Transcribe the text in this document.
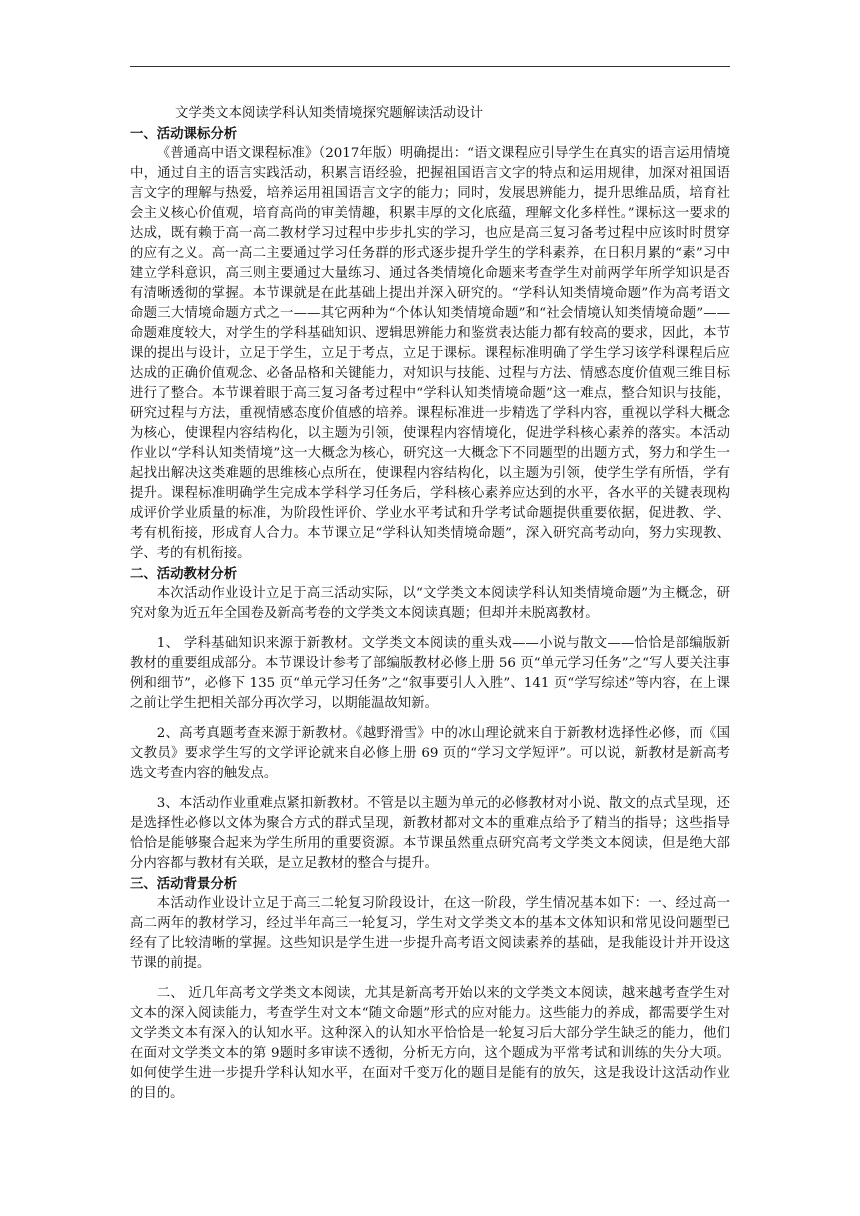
文学类文本阅读学科认知类情境探究题解读活动设计
一、活动课标分析

《普通高中语文课程标准》（2017年版）明确提出：“语文课程应引导学生在真实的语言运用情境中，通过自主的语言实践活动，积累言语经验，把握祖国语言文字的特点和运用规律，加深对祖国语言文字的理解与热爱，培养运用祖国语言文字的能力；同时，发展思辨能力，提升思维品质，培育社会主义核心价值观，培育高尚的审美情趣，积累丰厚的文化底蕴，理解文化多样性。”课标这一要求的达成，既有赖于高一高二教材学习过程中步步扎实的学习，也应是高三复习备考过程中应该时时贯穿的应有之义。高一高二主要通过学习任务群的形式逐步提升学生的学科素养，在日积月累的“素”习中建立学科意识，高三则主要通过大量练习、通过各类情境化命题来考查学生对前两学年所学知识是否有清晰透彻的掌握。本节课就是在此基础上提出并深入研究的。“学科认知类情境命题”作为高考语文命题三大情境命题方式之一——其它两种为“个体认知类情境命题”和“社会情境认知类情境命题”——命题难度较大，对学生的学科基础知识、逻辑思辨能力和鉴赏表达能力都有较高的要求，因此，本节课的提出与设计，立足于学生，立足于考点，立足于课标。课程标准明确了学生学习该学科课程后应达成的正确价值观念、必备品格和关键能力，对知识与技能、过程与方法、情感态度价值观三维目标进行了整合。本节课着眼于高三复习备考过程中“学科认知类情境命题”这一难点，整合知识与技能，研究过程与方法，重视情感态度价值感的培养。课程标准进一步精选了学科内容，重视以学科大概念为核心，使课程内容结构化，以主题为引领，使课程内容情境化，促进学科核心素养的落实。本活动作业以“学科认知类情境”这一大概念为核心，研究这一大概念下不同题型的出题方式，努力和学生一起找出解决这类难题的思维核心点所在，使课程内容结构化，以主题为引领，使学生学有所悟，学有提升。课程标准明确学生完成本学科学习任务后，学科核心素养应达到的水平，各水平的关键表现构成评价学业质量的标准，为阶段性评价、学业水平考试和升学考试命题提供重要依据，促进教、学、考有机衔接，形成育人合力。本节课立足“学科认知类情境命题”，深入研究高考动向，努力实现教、学、考的有机衔接。

二、活动教材分析

本次活动作业设计立足于高三活动实际，以“文学类文本阅读学科认知类情境命题”为主概念，研究对象为近五年全国卷及新高考卷的文学类文本阅读真题；但却并未脱离教材。

1、 学科基础知识来源于新教材。文学类文本阅读的重头戏——小说与散文——恰恰是部编版新教材的重要组成部分。本节课设计参考了部编版教材必修上册 56 页“单元学习任务”之“写人要关注事例和细节”，必修下 135 页“单元学习任务”之“叙事要引人入胜”、141 页“学写综述”等内容，在上课之前让学生把相关部分再次学习，以期能温故知新。

2、高考真题考查来源于新教材。《越野滑雪》中的冰山理论就来自于新教材选择性必修，而《国文教员》要求学生写的文学评论就来自必修上册 69 页的“学习文学短评”。可以说，新教材是新高考选文考查内容的触发点。

3、本活动作业重难点紧扣新教材。不管是以主题为单元的必修教材对小说、散文的点式呈现，还是选择性必修以文体为聚合方式的群式呈现，新教材都对文本的重难点给予了精当的指导；这些指导恰恰是能够聚合起来为学生所用的重要资源。本节课虽然重点研究高考文学类文本阅读，但是绝大部分内容都与教材有关联，是立足教材的整合与提升。

三、活动背景分析

本活动作业设计立足于高三二轮复习阶段设计，在这一阶段，学生情况基本如下：一、经过高一高二两年的教材学习，经过半年高三一轮复习，学生对文学类文本的基本文体知识和常见设问题型已经有了比较清晰的掌握。这些知识是学生进一步提升高考语文阅读素养的基础，是我能设计并开设这节课的前提。

二、 近几年高考文学类文本阅读，尤其是新高考开始以来的文学类文本阅读，越来越考查学生对文本的深入阅读能力，考查学生对文本“随文命题”形式的应对能力。这些能力的养成，都需要学生对文学类文本有深入的认知水平。这种深入的认知水平恰恰是一轮复习后大部分学生缺乏的能力，他们在面对文学类文本的第 9题时多审读不透彻，分析无方向，这个题成为平常考试和训练的失分大项。如何使学生进一步提升学科认知水平，在面对千变万化的题目是能有的放矢，这是我设计这活动作业的目的。
